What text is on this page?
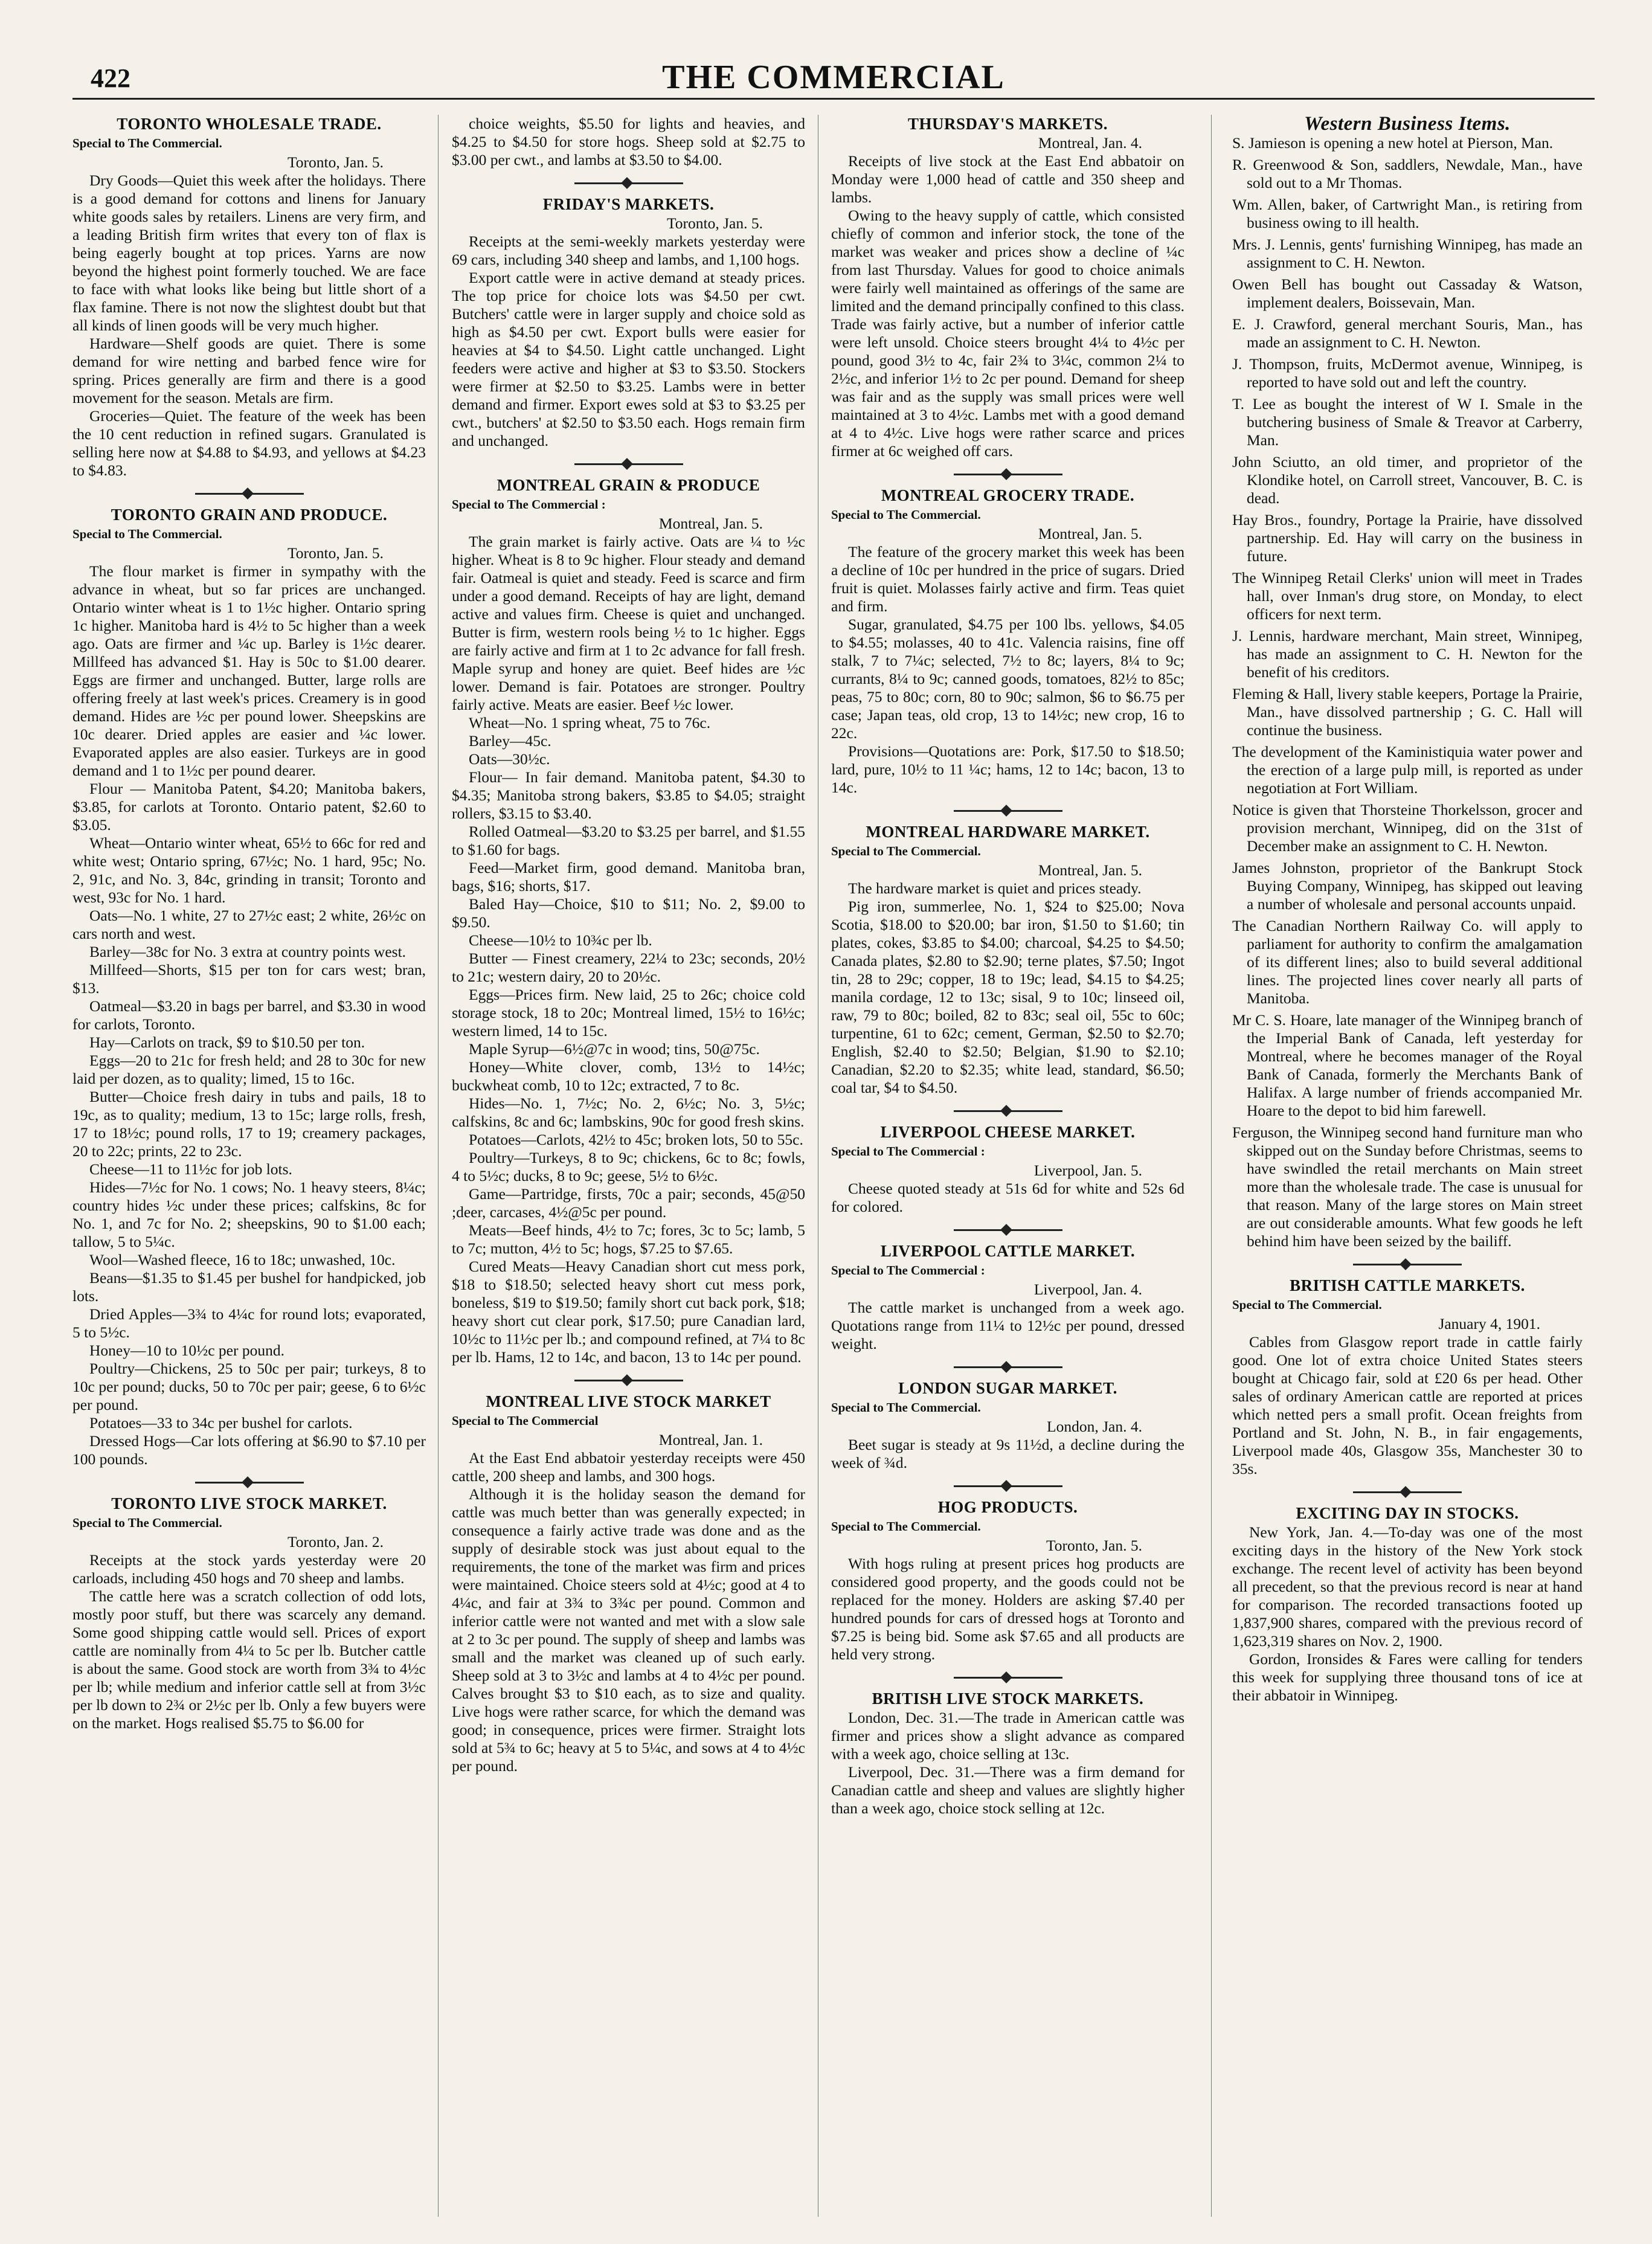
422	THE COMMERCIAL
TORONTO WHOLESALE TRADE.
Special to The Commercial.

Toronto, Jan. 5.

Dry Goods—Quiet this week after the holidays. There is a good demand for cottons and linens for January white goods sales by retailers. Linens are very firm, and a leading British firm writes that every ton of flax is being eagerly bought at top prices. Yarns are now beyond the highest point formerly touched. We are face to face with what looks like being but little short of a flax famine. There is not now the slightest doubt but that all kinds of linen goods will be very much higher.

Hardware—Shelf goods are quiet. There is some demand for wire netting and barbed fence wire for spring. Prices generally are firm and there is a good movement for the season. Metals are firm.

Groceries—Quiet. The feature of the week has been the 10 cent reduction in refined sugars. Granulated is selling here now at $4.88 to $4.93, and yellows at $4.23 to $4.83.

TORONTO GRAIN AND PRODUCE.
Special to The Commercial.

Toronto, Jan. 5.

The flour market is firmer in sympathy with the advance in wheat, but so far prices are unchanged. Ontario winter wheat is 1 to 1½c higher. Ontario spring 1c higher. Manitoba hard is 4½ to 5c higher than a week ago. Oats are firmer and ¼c up. Barley is 1½c dearer. Millfeed has advanced $1. Hay is 50c to $1.00 dearer. Eggs are firmer and unchanged. Butter, large rolls are offering freely at last week's prices. Creamery is in good demand. Hides are ½c per pound lower. Sheepskins are 10c dearer. Dried apples are easier and ¼c lower. Evaporated apples are also easier. Turkeys are in good demand and 1 to 1½c per pound dearer.

Flour — Manitoba Patent, $4.20; Manitoba bakers, $3.85, for carlots at Toronto. Ontario patent, $2.60 to $3.05.

Wheat—Ontario winter wheat, 65½ to 66c for red and white west; Ontario spring, 67½c; No. 1 hard, 95c; No. 2, 91c, and No. 3, 84c, grinding in transit; Toronto and west, 93c for No. 1 hard.

Oats—No. 1 white, 27 to 27½c east; 2 white, 26½c on cars north and west.

Barley—38c for No. 3 extra at country points west.

Millfeed—Shorts, $15 per ton for cars west; bran, $13.

Oatmeal—$3.20 in bags per barrel, and $3.30 in wood for carlots, Toronto.

Hay—Carlots on track, $9 to $10.50 per ton.

Eggs—20 to 21c for fresh held; and 28 to 30c for new laid per dozen, as to quality; limed, 15 to 16c.

Butter—Choice fresh dairy in tubs and pails, 18 to 19c, as to quality; medium, 13 to 15c; large rolls, fresh, 17 to 18½c; pound rolls, 17 to 19; creamery packages, 20 to 22c; prints, 22 to 23c.

Cheese—11 to 11½c for job lots.

Hides—7½c for No. 1 cows; No. 1 heavy steers, 8¼c; country hides ½c under these prices; calfskins, 8c for No. 1, and 7c for No. 2; sheepskins, 90 to $1.00 each; tallow, 5 to 5¼c.

Wool—Washed fleece, 16 to 18c; unwashed, 10c.

Beans—$1.35 to $1.45 per bushel for handpicked, job lots.

Dried Apples—3¾ to 4¼c for round lots; evaporated, 5 to 5½c.

Honey—10 to 10½c per pound.

Poultry—Chickens, 25 to 50c per pair; turkeys, 8 to 10c per pound; ducks, 50 to 70c per pair; geese, 6 to 6½c per pound.

Potatoes—33 to 34c per bushel for carlots.

Dressed Hogs—Car lots offering at $6.90 to $7.10 per 100 pounds.

TORONTO LIVE STOCK MARKET.
Special to The Commercial.

Toronto, Jan. 2.

Receipts at the stock yards yesterday were 20 carloads, including 450 hogs and 70 sheep and lambs.

The cattle here was a scratch collection of odd lots, mostly poor stuff, but there was scarcely any demand. Some good shipping cattle would sell. Prices of export cattle are nominally from 4¼ to 5c per lb. Butcher cattle is about the same. Good stock are worth from 3¾ to 4½c per lb; while medium and inferior cattle sell at from 3½c per lb down to 2¾ or 2½c per lb. Only a few buyers were on the market. Hogs realised $5.75 to $6.00 for

choice weights, $5.50 for lights and heavies, and $4.25 to $4.50 for store hogs. Sheep sold at $2.75 to $3.00 per cwt., and lambs at $3.50 to $4.00.

FRIDAY'S MARKETS.

Toronto, Jan. 5.

Receipts at the semi-weekly markets yesterday were 69 cars, including 340 sheep and lambs, and 1,100 hogs.

Export cattle were in active demand at steady prices. The top price for choice lots was $4.50 per cwt. Butchers' cattle were in larger supply and choice sold as high as $4.50 per cwt. Export bulls were easier for heavies at $4 to $4.50. Light cattle unchanged. Light feeders were active and higher at $3 to $3.50. Stockers were firmer at $2.50 to $3.25. Lambs were in better demand and firmer. Export ewes sold at $3 to $3.25 per cwt., butchers' at $2.50 to $3.50 each. Hogs remain firm and unchanged.

MONTREAL GRAIN & PRODUCE
Special to The Commercial :

Montreal, Jan. 5.

The grain market is fairly active. Oats are ¼ to ½c higher. Wheat is 8 to 9c higher. Flour steady and demand fair. Oatmeal is quiet and steady. Feed is scarce and firm under a good demand. Receipts of hay are light, demand active and values firm. Cheese is quiet and unchanged. Butter is firm, western rools being ½ to 1c higher. Eggs are fairly active and firm at 1 to 2c advance for fall fresh. Maple syrup and honey are quiet. Beef hides are ½c lower. Demand is fair. Potatoes are stronger. Poultry fairly active. Meats are easier. Beef ½c lower.

Wheat—No. 1 spring wheat, 75 to 76c.

Barley—45c.

Oats—30½c.

Flour— In fair demand. Manitoba patent, $4.30 to $4.35; Manitoba strong bakers, $3.85 to $4.05; straight rollers, $3.15 to $3.40.

Rolled Oatmeal—$3.20 to $3.25 per barrel, and $1.55 to $1.60 for bags.

Feed—Market firm, good demand. Manitoba bran, bags, $16; shorts, $17.

Baled Hay—Choice, $10 to $11; No. 2, $9.00 to $9.50.

Cheese—10½ to 10¾c per lb.

Butter — Finest creamery, 22¼ to 23c; seconds, 20½ to 21c; western dairy, 20 to 20½c.

Eggs—Prices firm. New laid, 25 to 26c; choice cold storage stock, 18 to 20c; Montreal limed, 15½ to 16½c; western limed, 14 to 15c.

Maple Syrup—6½@7c in wood; tins, 50@75c.

Honey—White clover, comb, 13½ to 14½c; buckwheat comb, 10 to 12c; extracted, 7 to 8c.

Hides—No. 1, 7½c; No. 2, 6½c; No. 3, 5½c; calfskins, 8c and 6c; lambskins, 90c for good fresh skins.

Potatoes—Carlots, 42½ to 45c; broken lots, 50 to 55c.

Poultry—Turkeys, 8 to 9c; chickens, 6c to 8c; fowls, 4 to 5½c; ducks, 8 to 9c; geese, 5½ to 6½c.

Game—Partridge, firsts, 70c a pair; seconds, 45@50 ;deer, carcases, 4½@5c per pound.

Meats—Beef hinds, 4½ to 7c; fores, 3c to 5c; lamb, 5 to 7c; mutton, 4½ to 5c; hogs, $7.25 to $7.65.

Cured Meats—Heavy Canadian short cut mess pork, $18 to $18.50; selected heavy short cut mess pork, boneless, $19 to $19.50; family short cut back pork, $18; heavy short cut clear pork, $17.50; pure Canadian lard, 10½c to 11½c per lb.; and compound refined, at 7¼ to 8c per lb. Hams, 12 to 14c, and bacon, 13 to 14c per pound.

MONTREAL LIVE STOCK MARKET
Special to The Commercial

Montreal, Jan. 1.

At the East End abbatoir yesterday receipts were 450 cattle, 200 sheep and lambs, and 300 hogs.

Although it is the holiday season the demand for cattle was much better than was generally expected; in consequence a fairly active trade was done and as the supply of desirable stock was just about equal to the requirements, the tone of the market was firm and prices were maintained. Choice steers sold at 4½c; good at 4 to 4¼c, and fair at 3¾ to 3¾c per pound. Common and inferior cattle were not wanted and met with a slow sale at 2 to 3c per pound. The supply of sheep and lambs was small and the market was cleaned up of such early. Sheep sold at 3 to 3½c and lambs at 4 to 4½c per pound. Calves brought $3 to $10 each, as to size and quality. Live hogs were rather scarce, for which the demand was good; in consequence, prices were firmer. Straight lots sold at 5¾ to 6c; heavy at 5 to 5¼c, and sows at 4 to 4½c per pound.

THURSDAY'S MARKETS.

Montreal, Jan. 4.

Receipts of live stock at the East End abbatoir on Monday were 1,000 head of cattle and 350 sheep and lambs.

Owing to the heavy supply of cattle, which consisted chiefly of common and inferior stock, the tone of the market was weaker and prices show a decline of ¼c from last Thursday. Values for good to choice animals were fairly well maintained as offerings of the same are limited and the demand principally confined to this class. Trade was fairly active, but a number of inferior cattle were left unsold. Choice steers brought 4¼ to 4½c per pound, good 3½ to 4c, fair 2¾ to 3¼c, common 2¼ to 2½c, and inferior 1½ to 2c per pound. Demand for sheep was fair and as the supply was small prices were well maintained at 3 to 4½c. Lambs met with a good demand at 4 to 4½c. Live hogs were rather scarce and prices firmer at 6c weighed off cars.

MONTREAL GROCERY TRADE.
Special to The Commercial.

Montreal, Jan. 5.

The feature of the grocery market this week has been a decline of 10c per hundred in the price of sugars. Dried fruit is quiet. Molasses fairly active and firm. Teas quiet and firm.

Sugar, granulated, $4.75 per 100 lbs. yellows, $4.05 to $4.55; molasses, 40 to 41c. Valencia raisins, fine off stalk, 7 to 7¼c; selected, 7½ to 8c; layers, 8¼ to 9c; currants, 8¼ to 9c; canned goods, tomatoes, 82½ to 85c; peas, 75 to 80c; corn, 80 to 90c; salmon, $6 to $6.75 per case; Japan teas, old crop, 13 to 14½c; new crop, 16 to 22c.

Provisions—Quotations are: Pork, $17.50 to $18.50; lard, pure, 10½ to 11 ¼c; hams, 12 to 14c; bacon, 13 to 14c.

MONTREAL HARDWARE MARKET.
Special to The Commercial.

Montreal, Jan. 5.

The hardware market is quiet and prices steady.

Pig iron, summerlee, No. 1, $24 to $25.00; Nova Scotia, $18.00 to $20.00; bar iron, $1.50 to $1.60; tin plates, cokes, $3.85 to $4.00; charcoal, $4.25 to $4.50; Canada plates, $2.80 to $2.90; terne plates, $7.50; Ingot tin, 28 to 29c; copper, 18 to 19c; lead, $4.15 to $4.25; manila cordage, 12 to 13c; sisal, 9 to 10c; linseed oil, raw, 79 to 80c; boiled, 82 to 83c; seal oil, 55c to 60c; turpentine, 61 to 62c; cement, German, $2.50 to $2.70; English, $2.40 to $2.50; Belgian, $1.90 to $2.10; Canadian, $2.20 to $2.35; white lead, standard, $6.50; coal tar, $4 to $4.50.

LIVERPOOL CHEESE MARKET.
Special to The Commercial :

Liverpool, Jan. 5.

Cheese quoted steady at 51s 6d for white and 52s 6d for colored.

LIVERPOOL CATTLE MARKET.
Special to The Commercial :

Liverpool, Jan. 4.

The cattle market is unchanged from a week ago. Quotations range from 11¼ to 12½c per pound, dressed weight.

LONDON SUGAR MARKET.
Special to The Commercial.

London, Jan. 4.

Beet sugar is steady at 9s 11½d, a decline during the week of ¾d.

HOG PRODUCTS.
Special to The Commercial.

Toronto, Jan. 5.

With hogs ruling at present prices hog products are considered good property, and the goods could not be replaced for the money. Holders are asking $7.40 per hundred pounds for cars of dressed hogs at Toronto and $7.25 is being bid. Some ask $7.65 and all products are held very strong.

BRITISH LIVE STOCK MARKETS.

London, Dec. 31.—The trade in American cattle was firmer and prices show a slight advance as compared with a week ago, choice selling at 13c.

Liverpool, Dec. 31.—There was a firm demand for Canadian cattle and sheep and values are slightly higher than a week ago, choice stock selling at 12c.

Western Business Items.

S. Jamieson is opening a new hotel at Pierson, Man.

R. Greenwood & Son, saddlers, Newdale, Man., have sold out to a Mr Thomas.

Wm. Allen, baker, of Cartwright Man., is retiring from business owing to ill health.

Mrs. J. Lennis, gents' furnishing Winnipeg, has made an assignment to C. H. Newton.

Owen Bell has bought out Cassaday & Watson, implement dealers, Boissevain, Man.

E. J. Crawford, general merchant Souris, Man., has made an assignment to C. H. Newton.

J. Thompson, fruits, McDermot avenue, Winnipeg, is reported to have sold out and left the country.

T. Lee as bought the interest of W I. Smale in the butchering business of Smale & Treavor at Carberry, Man.

John Sciutto, an old timer, and proprietor of the Klondike hotel, on Carroll street, Vancouver, B. C. is dead.

Hay Bros., foundry, Portage la Prairie, have dissolved partnership. Ed. Hay will carry on the business in future.

The Winnipeg Retail Clerks' union will meet in Trades hall, over Inman's drug store, on Monday, to elect officers for next term.

J. Lennis, hardware merchant, Main street, Winnipeg, has made an assignment to C. H. Newton for the benefit of his creditors.

Fleming & Hall, livery stable keepers, Portage la Prairie, Man., have dissolved partnership ; G. C. Hall will continue the business.

The development of the Kaministiquia water power and the erection of a large pulp mill, is reported as under negotiation at Fort William.

Notice is given that Thorsteine Thorkelsson, grocer and provision merchant, Winnipeg, did on the 31st of December make an assignment to C. H. Newton.

James Johnston, proprietor of the Bankrupt Stock Buying Company, Winnipeg, has skipped out leaving a number of wholesale and personal accounts unpaid.

The Canadian Northern Railway Co. will apply to parliament for authority to confirm the amalgamation of its different lines; also to build several additional lines. The projected lines cover nearly all parts of Manitoba.

Mr C. S. Hoare, late manager of the Winnipeg branch of the Imperial Bank of Canada, left yesterday for Montreal, where he becomes manager of the Royal Bank of Canada, formerly the Merchants Bank of Halifax. A large number of friends accompanied Mr. Hoare to the depot to bid him farewell.

Ferguson, the Winnipeg second hand furniture man who skipped out on the Sunday before Christmas, seems to have swindled the retail merchants on Main street more than the wholesale trade. The case is unusual for that reason. Many of the large stores on Main street are out considerable amounts. What few goods he left behind him have been seized by the bailiff.

BRITISH CATTLE MARKETS.
Special to The Commercial.

January 4, 1901.

Cables from Glasgow report trade in cattle fairly good. One lot of extra choice United States steers bought at Chicago fair, sold at £20 6s per head. Other sales of ordinary American cattle are reported at prices which netted pers a small profit. Ocean freights from Portland and St. John, N. B., in fair engagements, Liverpool made 40s, Glasgow 35s, Manchester 30 to 35s.

EXCITING DAY IN STOCKS.

New York, Jan. 4.—To-day was one of the most exciting days in the history of the New York stock exchange. The recent level of activity has been beyond all precedent, so that the previous record is near at hand for comparison. The recorded transactions footed up 1,837,900 shares, compared with the previous record of 1,623,319 shares on Nov. 2, 1900.

Gordon, Ironsides & Fares were calling for tenders this week for supplying three thousand tons of ice at their abbatoir in Winnipeg.
